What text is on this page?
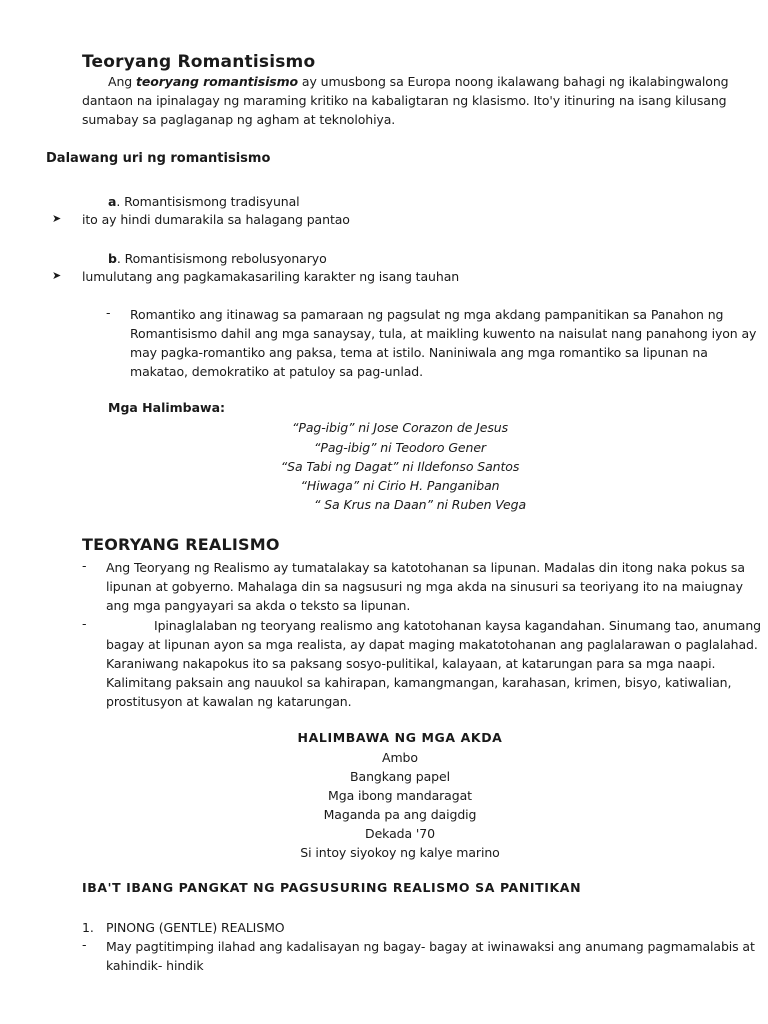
Teoryang Romantisismo
Ang teoryang romantisismo ay umusbong sa Europa noong ikalawang bahagi ng ikalabingwalong
dantaon na ipinalagay ng maraming kritiko na kabaligtaran ng klasismo. Ito'y itinuring na isang kilusang
sumabay sa paglaganap ng agham at teknolohiya.
Dalawang uri ng romantisismo
a. Romantisismong tradisyunal
➤ ito ay hindi dumarakila sa halagang pantao
b. Romantisismong rebolusyonaryo
➤ lumulutang ang pagkamakasariling karakter ng isang tauhan
- Romantiko ang itinawag sa pamaraan ng pagsulat ng mga akdang pampanitikan sa Panahon ng
Romantisismo dahil ang mga sanaysay, tula, at maikling kuwento na naisulat nang panahong iyon ay
may pagka-romantiko ang paksa, tema at istilo. Naniniwala ang mga romantiko sa lipunan na
makatao, demokratiko at patuloy sa pag-unlad.
Mga Halimbawa:
“Pag-ibig” ni Jose Corazon de Jesus
“Pag-ibig” ni Teodoro Gener
“Sa Tabi ng Dagat” ni Ildefonso Santos
“Hiwaga” ni Cirio H. Panganiban
“ Sa Krus na Daan” ni Ruben Vega
TEORYANG REALISMO
- Ang Teoryang ng Realismo ay tumatalakay sa katotohanan sa lipunan. Madalas din itong naka pokus sa
lipunan at gobyerno. Mahalaga din sa nagsusuri ng mga akda na sinusuri sa teoriyang ito na maiugnay
ang mga pangyayari sa akda o teksto sa lipunan.
-	Ipinaglalaban ng teoryang realismo ang katotohanan kaysa kagandahan. Sinumang tao, anumang
bagay at lipunan ayon sa mga realista, ay dapat maging makatotohanan ang paglalarawan o paglalahad.
Karaniwang nakapokus ito sa paksang sosyo-pulitikal, kalayaan, at katarungan para sa mga naapi.
Kalimitang paksain ang nauukol sa kahirapan, kamangmangan, karahasan, krimen, bisyo, katiwalian,
prostitusyon at kawalan ng katarungan.
HALIMBAWA NG MGA AKDA
Ambo
Bangkang papel
Mga ibong mandaragat
Maganda pa ang daigdig
Dekada '70
Si intoy siyokoy ng kalye marino
IBA'T IBANG PANGKAT NG PAGSUSURING REALISMO SA PANITIKAN
1. PINONG (GENTLE) REALISMO
- May pagtitimping ilahad ang kadalisayan ng bagay- bagay at iwinawaksi ang anumang pagmamalabis at
kahindik- hindik
